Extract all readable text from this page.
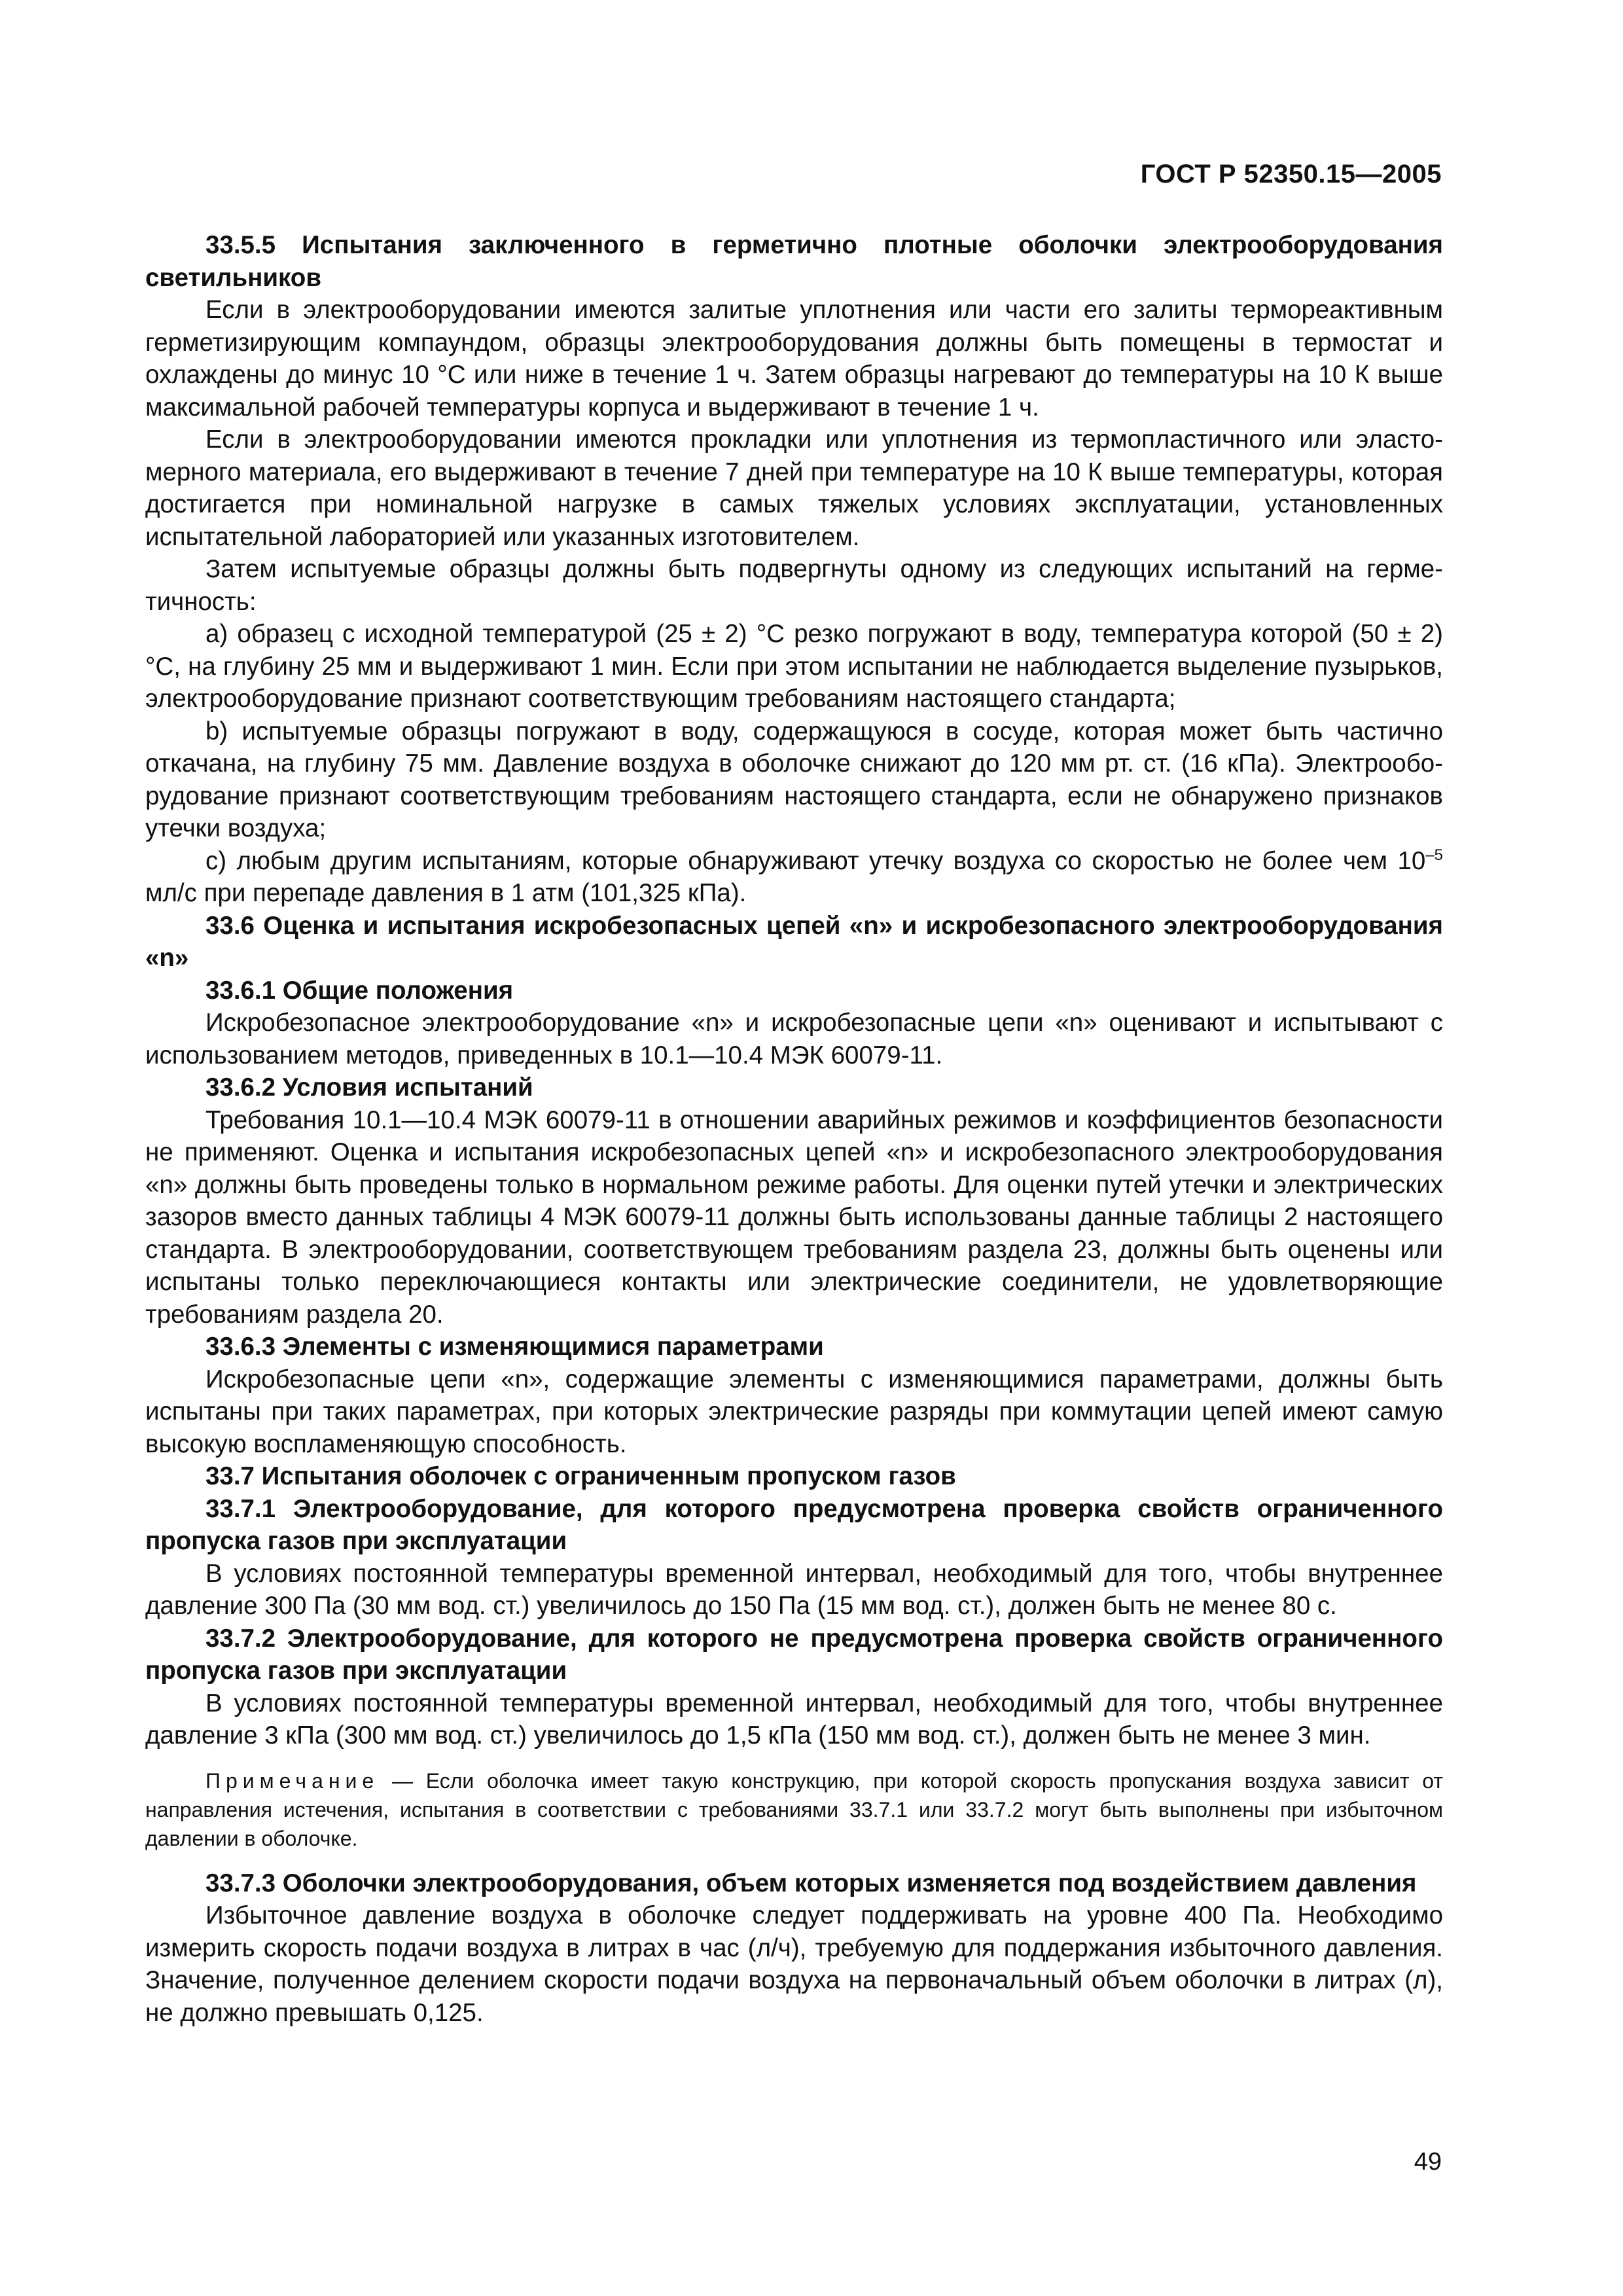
ГОСТ Р 52350.15—2005

33.5.5 Испытания заключенного в герметично плотные оболочки электрооборудования светильников

Если в электрооборудовании имеются залитые уплотнения или части его залиты термореактивным герметизирующим компаундом, образцы электрооборудования должны быть помещены в термостат и охлаждены до минус 10 °С или ниже в течение 1 ч. Затем образцы нагревают до температуры на 10 К выше максимальной рабочей температуры корпуса и выдерживают в течение 1 ч.

Если в электрооборудовании имеются прокладки или уплотнения из термопластичного или эластомерного материала, его выдерживают в течение 7 дней при температуре на 10 К выше температуры, которая достигается при номинальной нагрузке в самых тяжелых условиях эксплуатации, установленных испытательной лабораторией или указанных изготовителем.

Затем испытуемые образцы должны быть подвергнуты одному из следующих испытаний на герметичность:

a) образец с исходной температурой (25 ± 2) °С резко погружают в воду, температура которой (50 ± 2) °С, на глубину 25 мм и выдерживают 1 мин. Если при этом испытании не наблюдается выделение пузырьков, электрооборудование признают соответствующим требованиям настоящего стандарта;

b) испытуемые образцы погружают в воду, содержащуюся в сосуде, которая может быть частично откачана, на глубину 75 мм. Давление воздуха в оболочке снижают до 120 мм рт. ст. (16 кПа). Электрооборудование признают соответствующим требованиям настоящего стандарта, если не обнаружено признаков утечки воздуха;

c) любым другим испытаниям, которые обнаруживают утечку воздуха со скоростью не более чем $10^{-5}$ мл/с при перепаде давления в 1 атм (101,325 кПа).

33.6 Оценка и испытания искробезопасных цепей «n» и искробезопасного электрооборудования «n»

33.6.1 Общие положения

Искробезопасное электрооборудование «n» и искробезопасные цепи «n» оценивают и испытывают с использованием методов, приведенных в 10.1—10.4 МЭК 60079-11.

33.6.2 Условия испытаний

Требования 10.1—10.4 МЭК 60079-11 в отношении аварийных режимов и коэффициентов безопасности не применяют. Оценка и испытания искробезопасных цепей «n» и искробезопасного электрооборудования «n» должны быть проведены только в нормальном режиме работы. Для оценки путей утечки и электрических зазоров вместо данных таблицы 4 МЭК 60079-11 должны быть использованы данные таблицы 2 настоящего стандарта. В электрооборудовании, соответствующем требованиям раздела 23, должны быть оценены или испытаны только переключающиеся контакты или электрические соединители, не удовлетворяющие требованиям раздела 20.

33.6.3 Элементы с изменяющимися параметрами

Искробезопасные цепи «n», содержащие элементы с изменяющимися параметрами, должны быть испытаны при таких параметрах, при которых электрические разряды при коммутации цепей имеют самую высокую воспламеняющую способность.

33.7 Испытания оболочек с ограниченным пропуском газов

33.7.1 Электрооборудование, для которого предусмотрена проверка свойств ограниченного пропуска газов при эксплуатации

В условиях постоянной температуры временной интервал, необходимый для того, чтобы внутреннее давление 300 Па (30 мм вод. ст.) увеличилось до 150 Па (15 мм вод. ст.), должен быть не менее 80 с.

33.7.2 Электрооборудование, для которого не предусмотрена проверка свойств ограниченного пропуска газов при эксплуатации

В условиях постоянной температуры временной интервал, необходимый для того, чтобы внутреннее давление 3 кПа (300 мм вод. ст.) увеличилось до 1,5 кПа (150 мм вод. ст.), должен быть не менее 3 мин.

Примечание — Если оболочка имеет такую конструкцию, при которой скорость пропускания воздуха зависит от направления истечения, испытания в соответствии с требованиями 33.7.1 или 33.7.2 могут быть выполнены при избыточном давлении в оболочке.

33.7.3 Оболочки электрооборудования, объем которых изменяется под воздействием давления

Избыточное давление воздуха в оболочке следует поддерживать на уровне 400 Па. Необходимо измерить скорость подачи воздуха в литрах в час (л/ч), требуемую для поддержания избыточного давления. Значение, полученное делением скорости подачи воздуха на первоначальный объем оболочки в литрах (л), не должно превышать 0,125.

49
